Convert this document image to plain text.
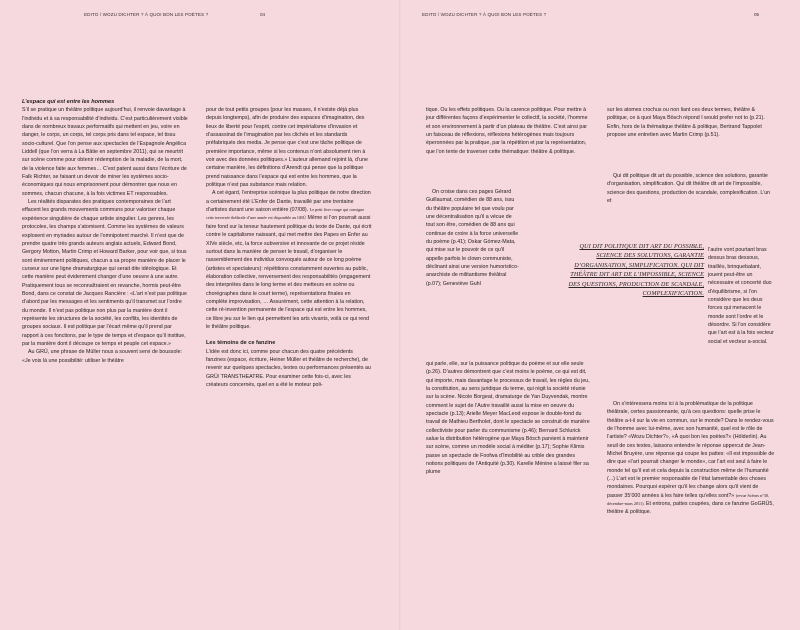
EDITO / WOZU DICHTER ? À QUOI BON LES POÈTES ?	04
L’espace qui est entre les hommes

S’il se pratique un théâtre politique aujourd’hui, il renvoie davantage à l’individu et à sa responsabilité d’individu. C’est particulièrement visible dans de nombreux travaux performatifs qui mettent en jeu, voire en danger, le corps, un corps, tel corps pris dans tel espace, tel tissu socio-culturel. Que l’on pense aux spectacles de l’Espagnole Angélica Liddell (que l’on verra à La Bâtie en septembre 2011), qui se meurtrit sur scène comme pour obtenir rédemption de la maladie, de la mort, de la violence faite aux femmes… C’est patent aussi dans l’écriture de Falk Richter, se faisant un devoir de miner les systèmes socio-économiques qui nous emprisonnent pour démontrer que nous en sommes, chacun chacune, à la fois victimes ET responsables.

Les réalités disparates des pratiques contemporaines de l’art effacent les grands mouvements communs pour valoriser chaque expérience singulière de chaque artiste singulier. Les genres, les protocoles, les champs s’atomisent. Comme les systèmes de valeurs explosent en myriades autour de l’omnipotent marché. Il n’est que de prendre quatre très grands auteurs anglais actuels, Edward Bond, Gergory Motton, Martin Crimp et Howard Barker, pour voir que, si tous sont éminemment politiques, chacun a sa propre manière de placer le curseur sur une ligne dramaturgique qui serait dite idéologique. Et cette manière peut évidemment changer d’une oeuvre à une autre. Pratiquement tous se reconnaîtraient en revanche, hormis peut-être Bond, dans ce constat de Jacques Rancière : «L’art n’est pas politique d’abord par les messages et les sentiments qu’il transmet sur l’ordre du monde. Il n’est pas politique non plus par la manière dont il représente les structures de la société, les conflits, les identités de groupes sociaux. Il est politique par l’écart même qu’il prend par rapport à ces fonctions, par le type de temps et d’espace qu’il institue, par la manière dont il découpe ce temps et peuple cet espace.»

Au GRÜ, une phrase de Müller nous a souvent servi de boussole: «Je vois là une possibilité: utiliser le théâtre

pour de tout petits groupes (pour les masses, il n’existe déjà plus depuis longtemps), afin de produire des espaces d’imagination, des lieux de liberté pour l’esprit, contre cet impérialisme d’invasion et d’assassinat de l’imagination par les clichés et les standards préfabriqués des media. Je pense que c’est une tâche politique de première importance, même si les contenus n’ont absolument rien à voir avec des données politiques.» L’auteur allemand rejoint là, d’une certaine manière, les définitions d’Arendt qui pense que la politique prend naissance dans l’espace qui est entre les hommes, que la politique n’est pas substance mais relation.

A cet égard, l’entreprise scénique la plus politique de notre direction a certainement été L’Enfer de Dante, travaillé par une trentaine d’artistes durant une saison entière (07/08). Le petit livre rouge qui consigne cette traversée théâtrale d’une année est disponible au GRÜ Même si l’on pourrait aussi faire fond sur la teneur hautement politique du texte de Dante, qui écrit contre le capitalisme naissant, qui met mettre des Papes en Enfer au XIVe siècle, etc, la force subversive et innovante de ce projet réside surtout dans la manière de penser le travail, d’organiser le rassemblement des individus convoqués autour de ce long poème (artistes et spectateurs): répétitions constamment ouvertes au public, élaboration collective, renversement des responsabilités (engagement des interprètes dans le long terme et des metteurs en scène ou chorégraphes dans le court terme), représentations finales en complète improvisation, … Assurément, cette attention à la relation, cette ré-invention permanente de l’espace qui est entre les hommes, ce libre jeu sur le lien qui permettent les arts vivants, voilà ce qui rend le théâtre politique.

Les témoins de ce fanzine

L’idée est donc ici, comme pour chacun des quatre précédents fanzines (espace, écriture, Heiner Müller et théâtre de recherche), de revenir sur quelques spectacles, textes ou performances présentés au GRÜ/ TRANSTHEATRE. Pour examiner cette fois-ci, avec les créateurs concernés, quel en a été le moteur poli-

EDITO / WOZU DICHTER ? À QUOI BON LES POÈTES ?	05

tique. Ou les effets politiques. Ou la carence politique. Pour mettre à jour différentes façons d’expérimenter le collectif, la société, l’homme et son environnement à partir d’un plateau de théâtre. C’est ainsi par un faisceau de réflexions, réflexions hétérogènes mais toujours éperonnées par la pratique, par la répétition et par la représentation, que l’on tente de traverser cette thématique: théâtre & politique.

On croise dans ces pages Gérard Guillaumat, comédien de 88 ans, issu du théâtre populaire tel que voulu par une décentralisation qu’il a vécue de tout son être, comédien de 88 ans qui continue de croire à la force universelle du poème (p.41); Oskar Gómez-Mata, qui mise sur le pouvoir de ce qu’il appelle parfois le clown communiste, déclinant ainsi une version humoristico-anarchiste de militantisme théâtral (p.07); Geneviève Guhl

qui parle, elle, sur la puissance politique du poème et sur elle seule (p.26). D’autres démontrent que c’est moins le poème, ce qui est dit, qui importe, mais davantage le processus de travail, les règles du jeu, la constitution, au sens juridique du terme, qui régit la société réunie sur la scène. Nicole Borgeat, dramaturge de Yan Duyvendak, montre comment le sujet de l’Autre travaillé aussi la mise en oeuvre du spectacle (p.13); Arielle Meyer MacLeod expose le double-fond du travail de Mathieu Bertholet, dont le spectacle se construit de manière collectiviste pour parler du communisme (p.46); Bernard Schlurick salue la distribution hétérogène que Maya Bösch parvient à maintenir sur scène, comme un modèle social à méditer (p.17); Sophie Klimis passe un spectacle de Foofwa d’Imobilité au crible des grandes notions politiques de l’Antiquité (p.30). Karelle Ménine a laissé filer sa plume

QUI DIT POLITIQUE DIT ART DU POSSIBLE,
SCIENCE DES SOLUTIONS, GARANTIE
D’ORGANISATION, SIMPLIFICATION. QUI DIT
THÉÂTRE DIT ART DE L’IMPOSSIBLE, SCIENCE
DES QUESTIONS, PRODUCTION DE SCANDALE,
COMPLEXIFICATION.

sur les atomes crochus ou non liant ces deux termes, théâtre & politique, ce à quoi Maya Bösch répond I would prefer not to (p.21). Enfin, hors de la thématique théâtre & politique, Bertrand Tappolet propose une entretien avec Martin Crimp (p.51).

Qui dit politique dit art du possible, science des solutions, garantie d’organisation, simplification. Qui dit théâtre dit art de l’impossible, science des questions, production de scandale, complexification. L’un et

l’autre vont pourtant bras dessus bras dessous, tiraillés, brinquebalant, jouent peut-être un nécessaire et concerté duo d’équilibrisme, si l’on considère que les deux forces qui menacent le monde sont l’ordre et le désordre. Si l’on considère que l’art est à la fois vecteur social et vecteur a-social.

On s’intéressera moins ici à la problématique de la politique théâtrale, certes passionnante, qu’à ces questions: quelle prise le théâtre a-t-il sur la vie en commun, sur le monde? Dans le rendez-vous de l’homme avec lui-même, avec son humanité, quel est le rôle de l’artiste? «Wozu Dichter?», «À quoi bon les poètes?» (Hölderlin). Au seuil de ces textes, laissons entendre le réponse uppercut de Jean-Michel Bruyère, une réponse qui coupe les pattes: «Il est impossible de dire que «l’art pourrait changer le monde», car l’art est seul à faire le monde tel qu’il est et cela depuis la construction même de l’humanité (...) L’art est le premier responsable de l’état lamentable des choses mondaines. Pourquoi espérer qu’il les change alors qu’il vient de passer 35’000 années à les faire telles qu’elles sont?» (revue Scènes n°30, décembre-mars 2011). Et entrons, pattes coupées, dans ce fanzine GoGRÜ5, théâtre & politique.
